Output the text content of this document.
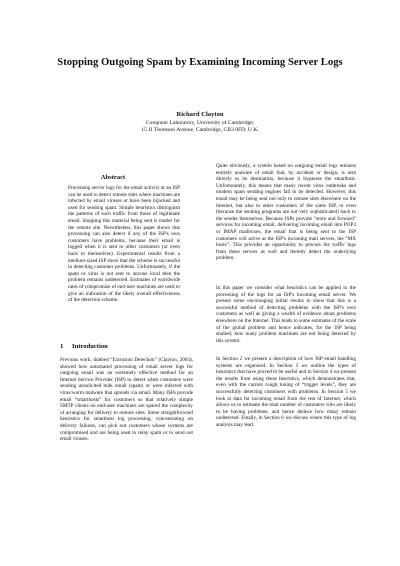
Stopping Outgoing Spam by Examining Incoming Server Logs
Richard Clayton
Computer Laboratory, University of Cambridge,
15 JJ Thomson Avenue, Cambridge, CB3 0FD, U.K.
Abstract
Processing server logs for the email activity at an ISP can be used to detect remote sites where machines are infected by email viruses or have been hijacked and used for sending spam. Simple heuristics distinguish the patterns of such traffic from those of legitimate email. Stopping this material being sent is matter for the remote site. Nevertheless, this paper shows that processing can also detect if any of the ISP's own customers have problems, because their email is logged when it is sent to other customers (or even back to themselves). Experimental results from a medium-sized ISP show that the scheme is successful in detecting customer problems. Unfortunately, if the spam or virus is not sent to anyone local then the problem remains undetected. Estimates of worldwide rates of compromise of end-user machines are used to give an indication of the likely overall effectiveness of the detection scheme.
1 Introduction
Previous work, dubbed “Extrusion Detection” (Clayton, 2004), showed how automated processing of email server logs for outgoing email was an extremely effective method for an Internet Service Provider (ISP) to detect when customers were sending unsolicited bulk email (spam) or were infected with virus/worm malware that spreads via email. Many ISPs provide email “smarthosts” for customers so that relatively simple SMTP clients on end-user machines are spared the complexity of arranging for delivery to remote sites. Some straightforward heuristics for smarthost log processing, concentrating on delivery failures, can pick out customers whose systems are compromised and are being used to relay spam or to send out email viruses.
Quite obviously, a system based on outgoing email logs remains entirely unaware of email that, by accident or design, is sent directly to its destination, because it bypasses the smarthost. Unfortunately, this means that many recent virus outbreaks and modern spam sending engines fail to be detected. However, this email may be being sent not only to remote sites elsewhere on the Internet, but also to other customers of the same ISP, or even (because the sending programs are not very sophisticated) back to the sender themselves. Because ISPs provide “store and forward” services for incoming email, delivering incoming email into POP3 or IMAP mailboxes, the email that is being sent to the ISP customers will arrive at the ISP's incoming mail servers, the “MX hosts”. This provides an opportunity to process the traffic logs from these servers as well and thereby detect the underlying problem.
In this paper we consider what heuristics can be applied to the processing of the logs for an ISP's incoming email server. We present some encouraging initial results to show that this is a successful method of detecting problems with the ISP's own customers as well as giving a wealth of evidence about problems elsewhere on the Internet. This leads to some estimates of the scale of the global problem and hence indicates, for the ISP being studied, how many problem machines are not being detected by this system.
In Section 2 we present a description of how ISP email handling systems are organised. In Section 3 we outline the types of heuristics that have proved to be useful and in Section 4 we present the results from using these heuristics, which demonstrates that, even with the current rough tuning of “trigger levels”, they are successfully detecting customers with problems. In Section 5 we look at data for incoming email from the rest of Internet, which allows us to estimate the total number of customers who are likely to be having problems, and hence deduce how many remain undetected. Finally, in Section 6 we discuss where this type of log analysis may lead.
